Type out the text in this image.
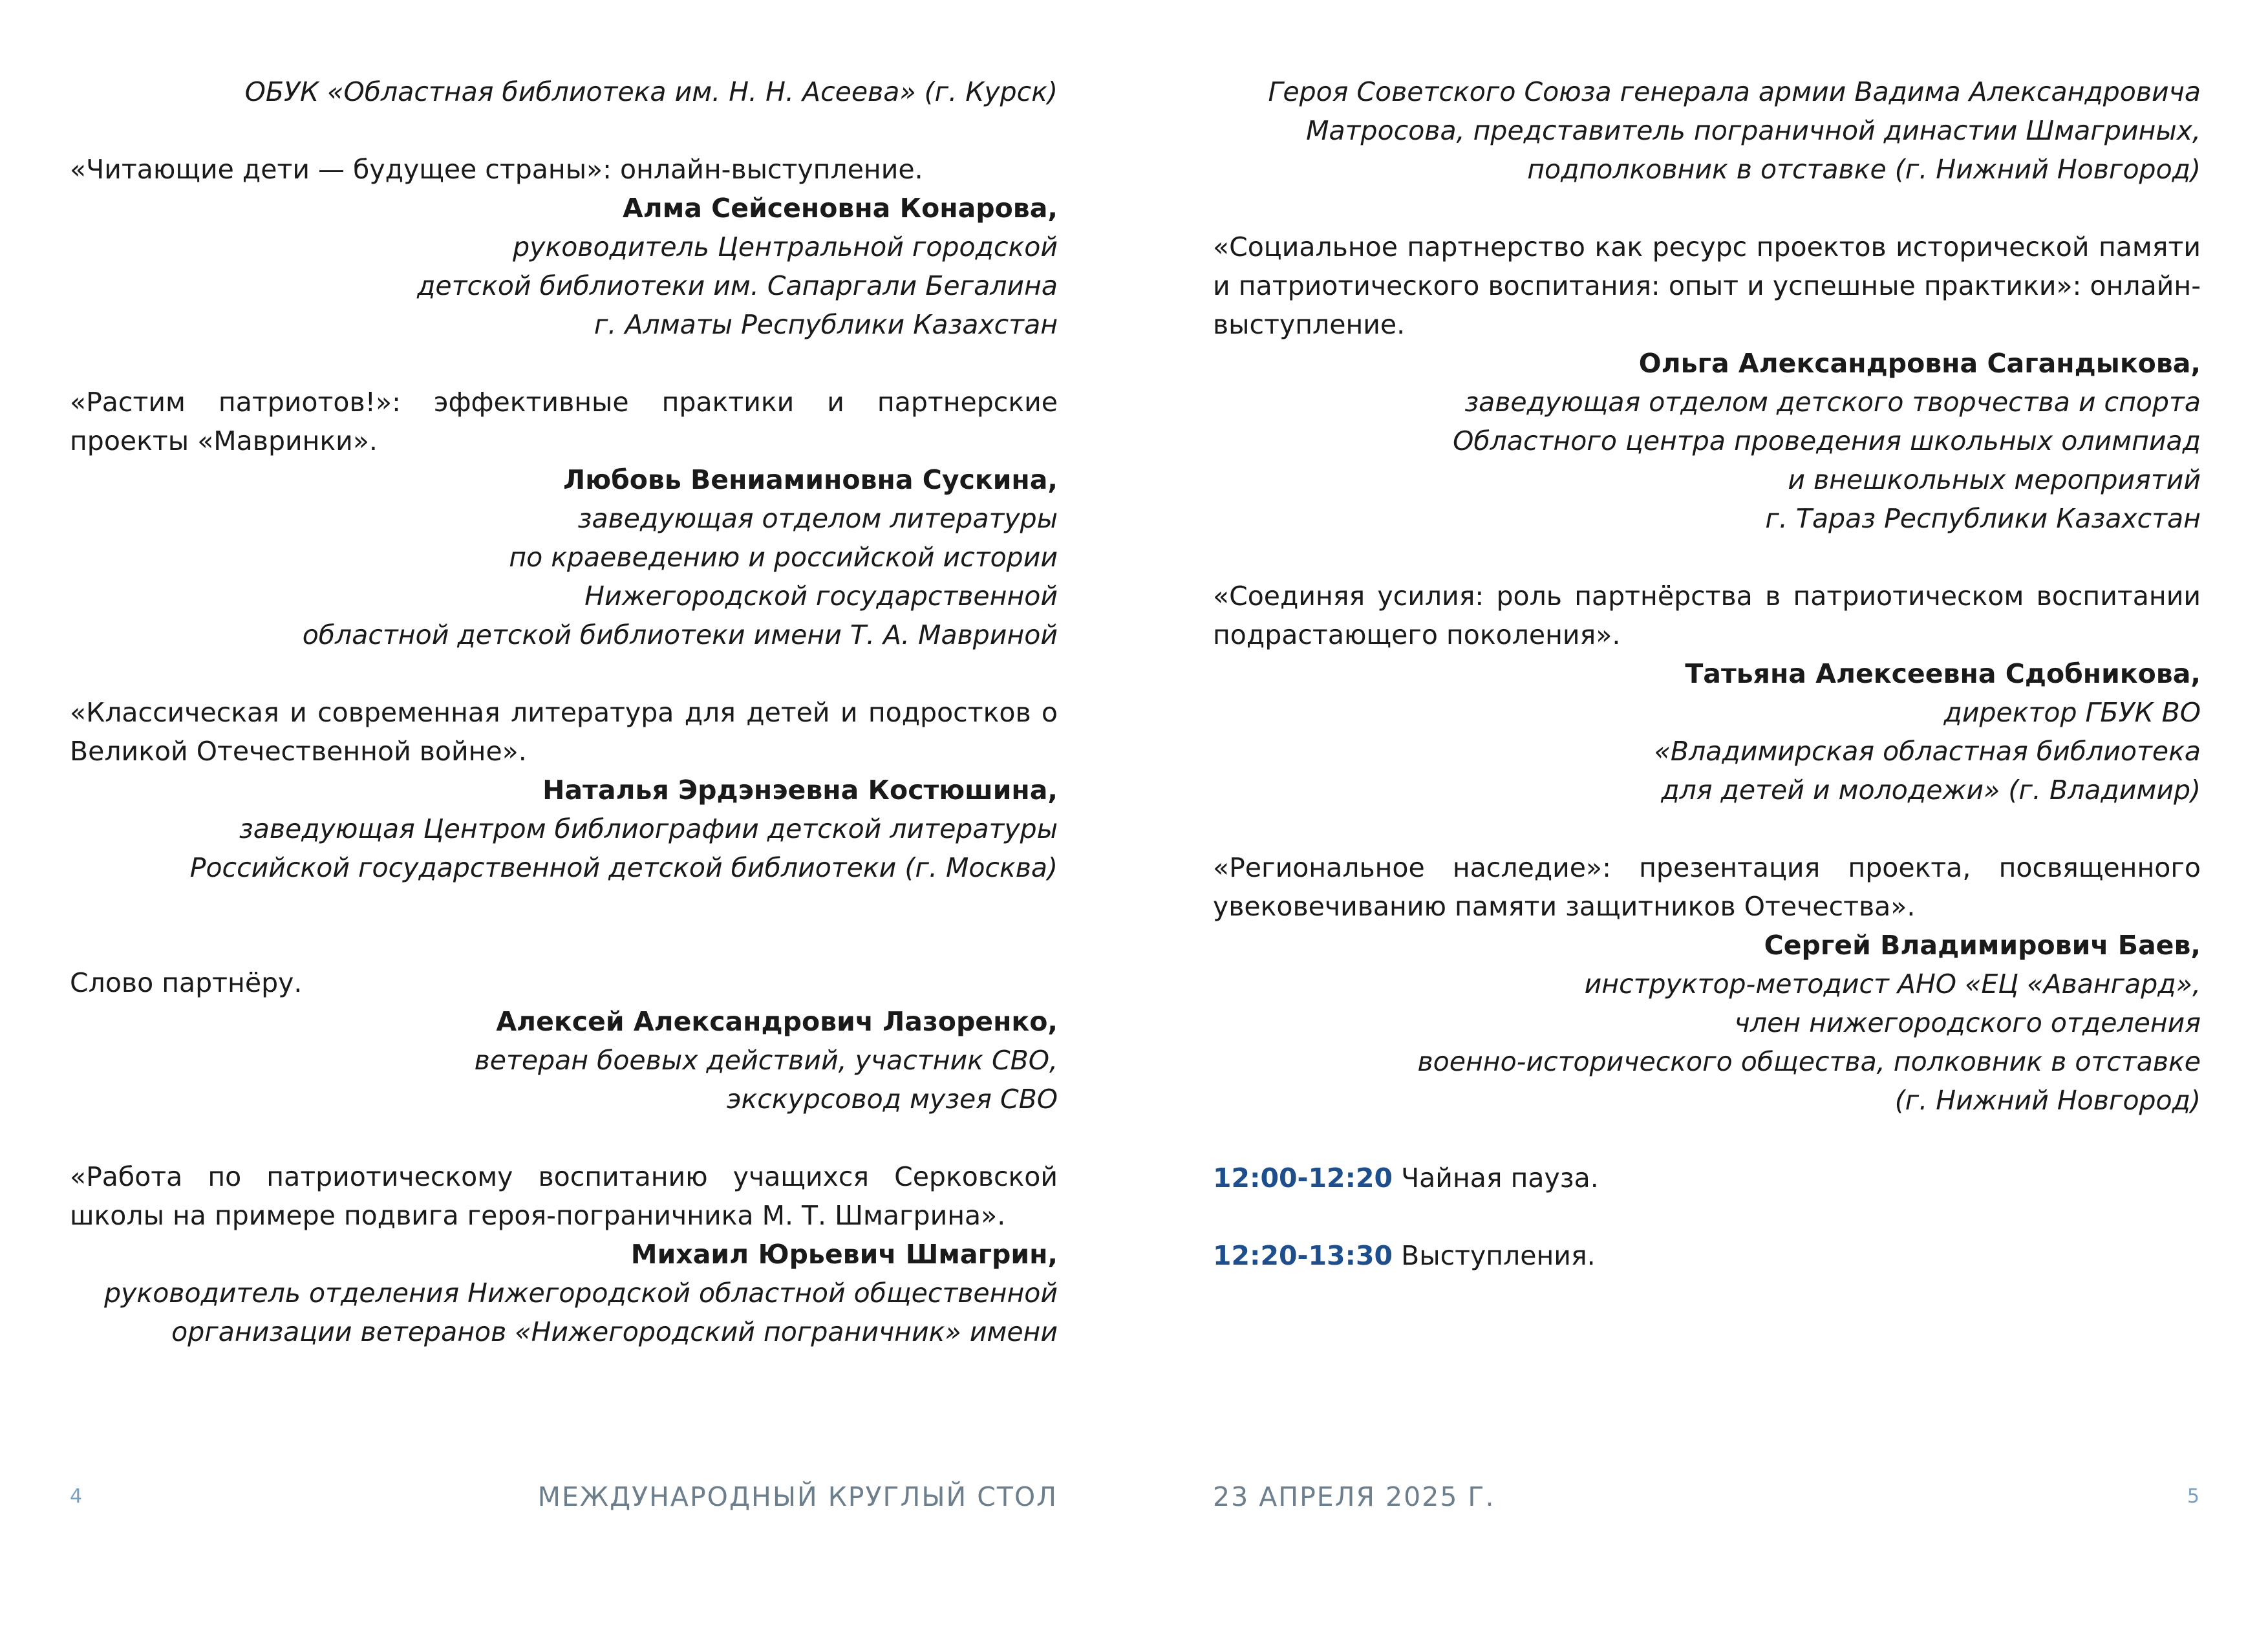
ОБУК «Областная библиотека им. Н. Н. Асеева» (г. Курск)

«Читающие дети — будущее страны»: онлайн-выступление.

Алма Сейсеновна Конарова,

руководитель Центральной городской

детской библиотеки им. Сапаргали Бегалина

г. Алматы Республики Казахстан

«Растим патриотов!»: эффективные практики и партнерские проекты «Мавринки».

Любовь Вениаминовна Сускина,

заведующая отделом литературы

по краеведению и российской истории

Нижегородской государственной

областной детской библиотеки имени Т. А. Мавриной

«Классическая и современная литература для детей и подростков о Великой Отечественной войне».

Наталья Эрдэнэевна Костюшина,

заведующая Центром библиографии детской литературы

Российской государственной детской библиотеки (г. Москва)

Слово партнёру.

Алексей Александрович Лазоренко,

ветеран боевых действий, участник СВО,

экскурсовод музея СВО

«Работа по патриотическому воспитанию учащихся Серковской школы на примере подвига героя-пограничника М. Т. Шмагрина».

Михаил Юрьевич Шмагрин,

руководитель отделения Нижегородской областной общественной

организации ветеранов «Нижегородский пограничник» имени

4	МЕЖДУНАРОДНЫЙ КРУГЛЫЙ СТОЛ

Героя Советского Союза генерала армии Вадима Александровича

Матросова, представитель пограничной династии Шмагриных,

подполковник в отставке (г. Нижний Новгород)

«Социальное партнерство как ресурс проектов исторической памяти и патриотического воспитания: опыт и успешные практики»: онлайн-выступление.

Ольга Александровна Сагандыкова,

заведующая отделом детского творчества и спорта

Областного центра проведения школьных олимпиад

и внешкольных мероприятий

г. Тараз Республики Казахстан

«Соединяя усилия: роль партнёрства в патриотическом воспитании подрастающего поколения».

Татьяна Алексеевна Сдобникова,

директор ГБУК ВО

«Владимирская областная библиотека

для детей и молодежи» (г. Владимир)

«Региональное наследие»: презентация проекта, посвященного увековечиванию памяти защитников Отечества».

Сергей Владимирович Баев,

инструктор-методист АНО «ЕЦ «Авангард»,

член нижегородского отделения

военно-исторического общества, полковник в отставке

(г. Нижний Новгород)

12:00-12:20 Чайная пауза.

12:20-13:30 Выступления.

23 АПРЕЛЯ 2025 Г.	5
